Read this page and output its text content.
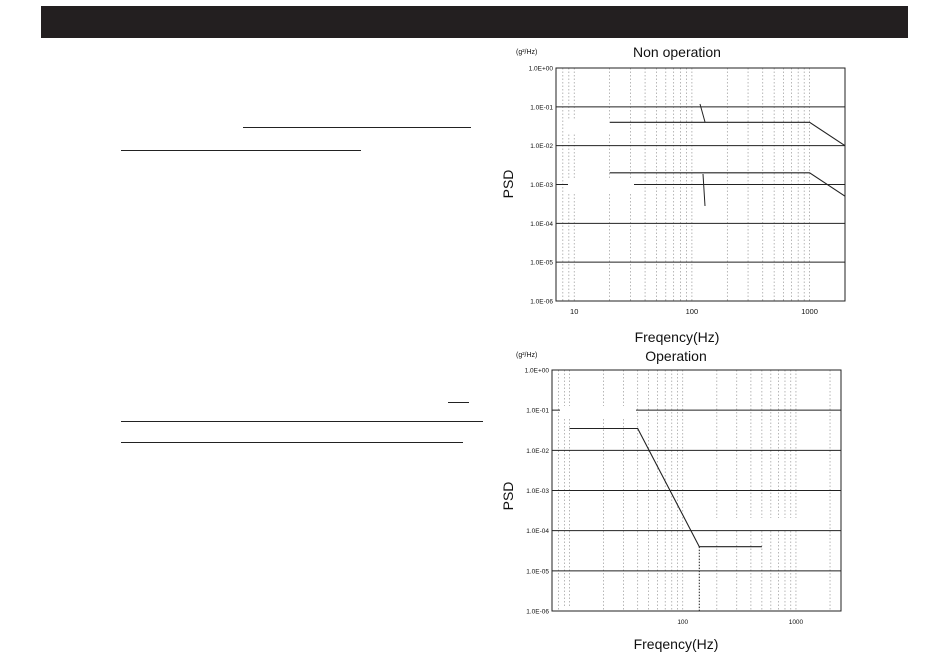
1.0E+00
1.0E-01
1.0E-02
1.0E-03
1.0E-04
1.0E-05
1.0E-06
10	100	1000
Non operation
(g²/Hz)
PSD
Freqency(Hz)
1.0E+00
1.0E-01
1.0E-02
1.0E-03
1.0E-04
1.0E-05
1.0E-06
100	1000
Operation
(g²/Hz)
PSD
Freqency(Hz)
